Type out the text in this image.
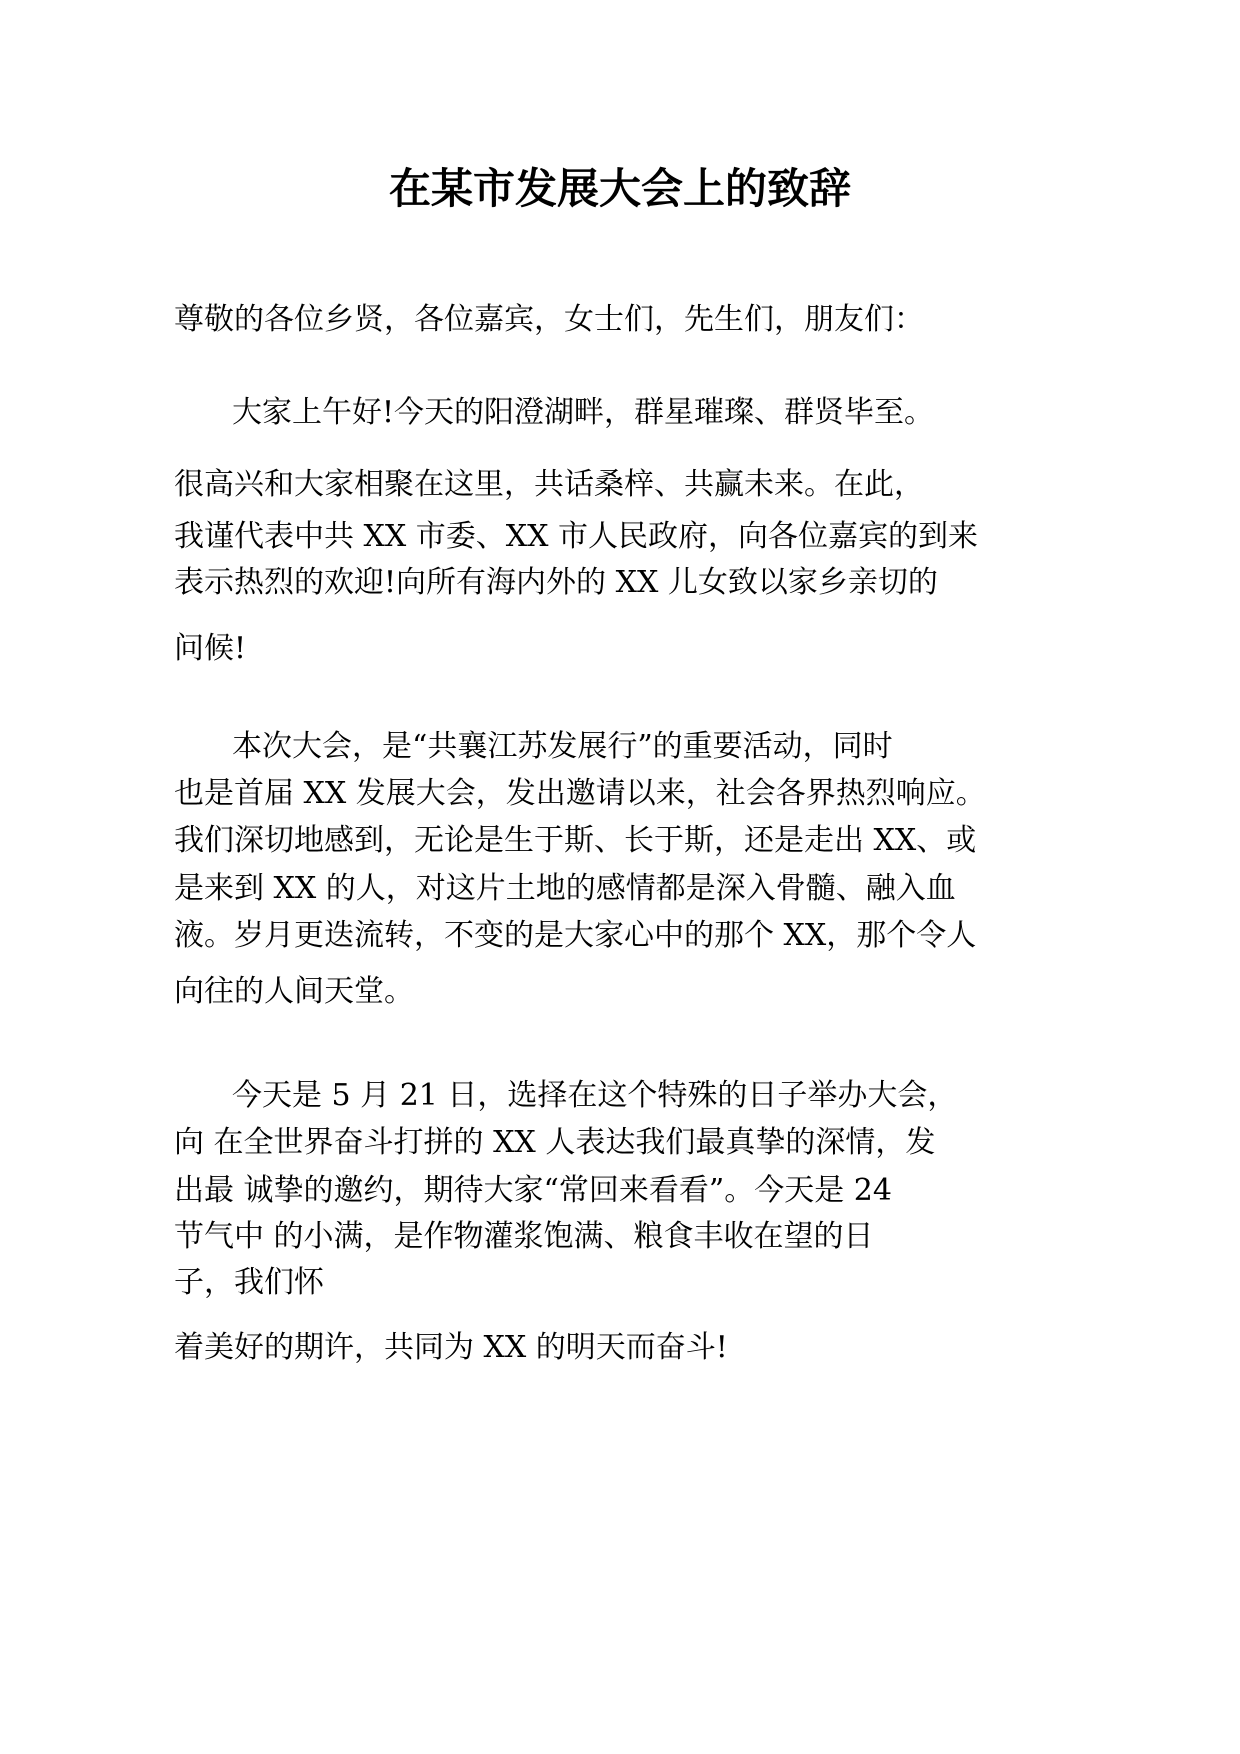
在某市发展大会上的致辞
尊敬的各位乡贤，各位嘉宾，女士们，先生们，朋友们：
大家上午好!今天的阳澄湖畔，群星璀璨、群贤毕至。
很高兴和大家相聚在这里，共话桑梓、共赢未来。在此，
我谨代表中共 XX 市委、XX 市人民政府，向各位嘉宾的到来
表示热烈的欢迎!向所有海内外的 XX 儿女致以家乡亲切的
问候!
本次大会，是“共襄江苏发展行”的重要活动，同时
也是首届 XX 发展大会，发出邀请以来，社会各界热烈响应。
我们深切地感到，无论是生于斯、长于斯，还是走出 XX、或
是来到 XX 的人，对这片土地的感情都是深入骨髓、融入血
液。岁月更迭流转，不变的是大家心中的那个 XX，那个令人
向往的人间天堂。
今天是 5 月 21 日，选择在这个特殊的日子举办大会，
向 在全世界奋斗打拼的 XX 人表达我们最真挚的深情，发
出最 诚挚的邀约，期待大家“常回来看看”。今天是 24
节气中 的小满，是作物灌浆饱满、粮食丰收在望的日
子，我们怀
着美好的期许，共同为 XX 的明天而奋斗!
